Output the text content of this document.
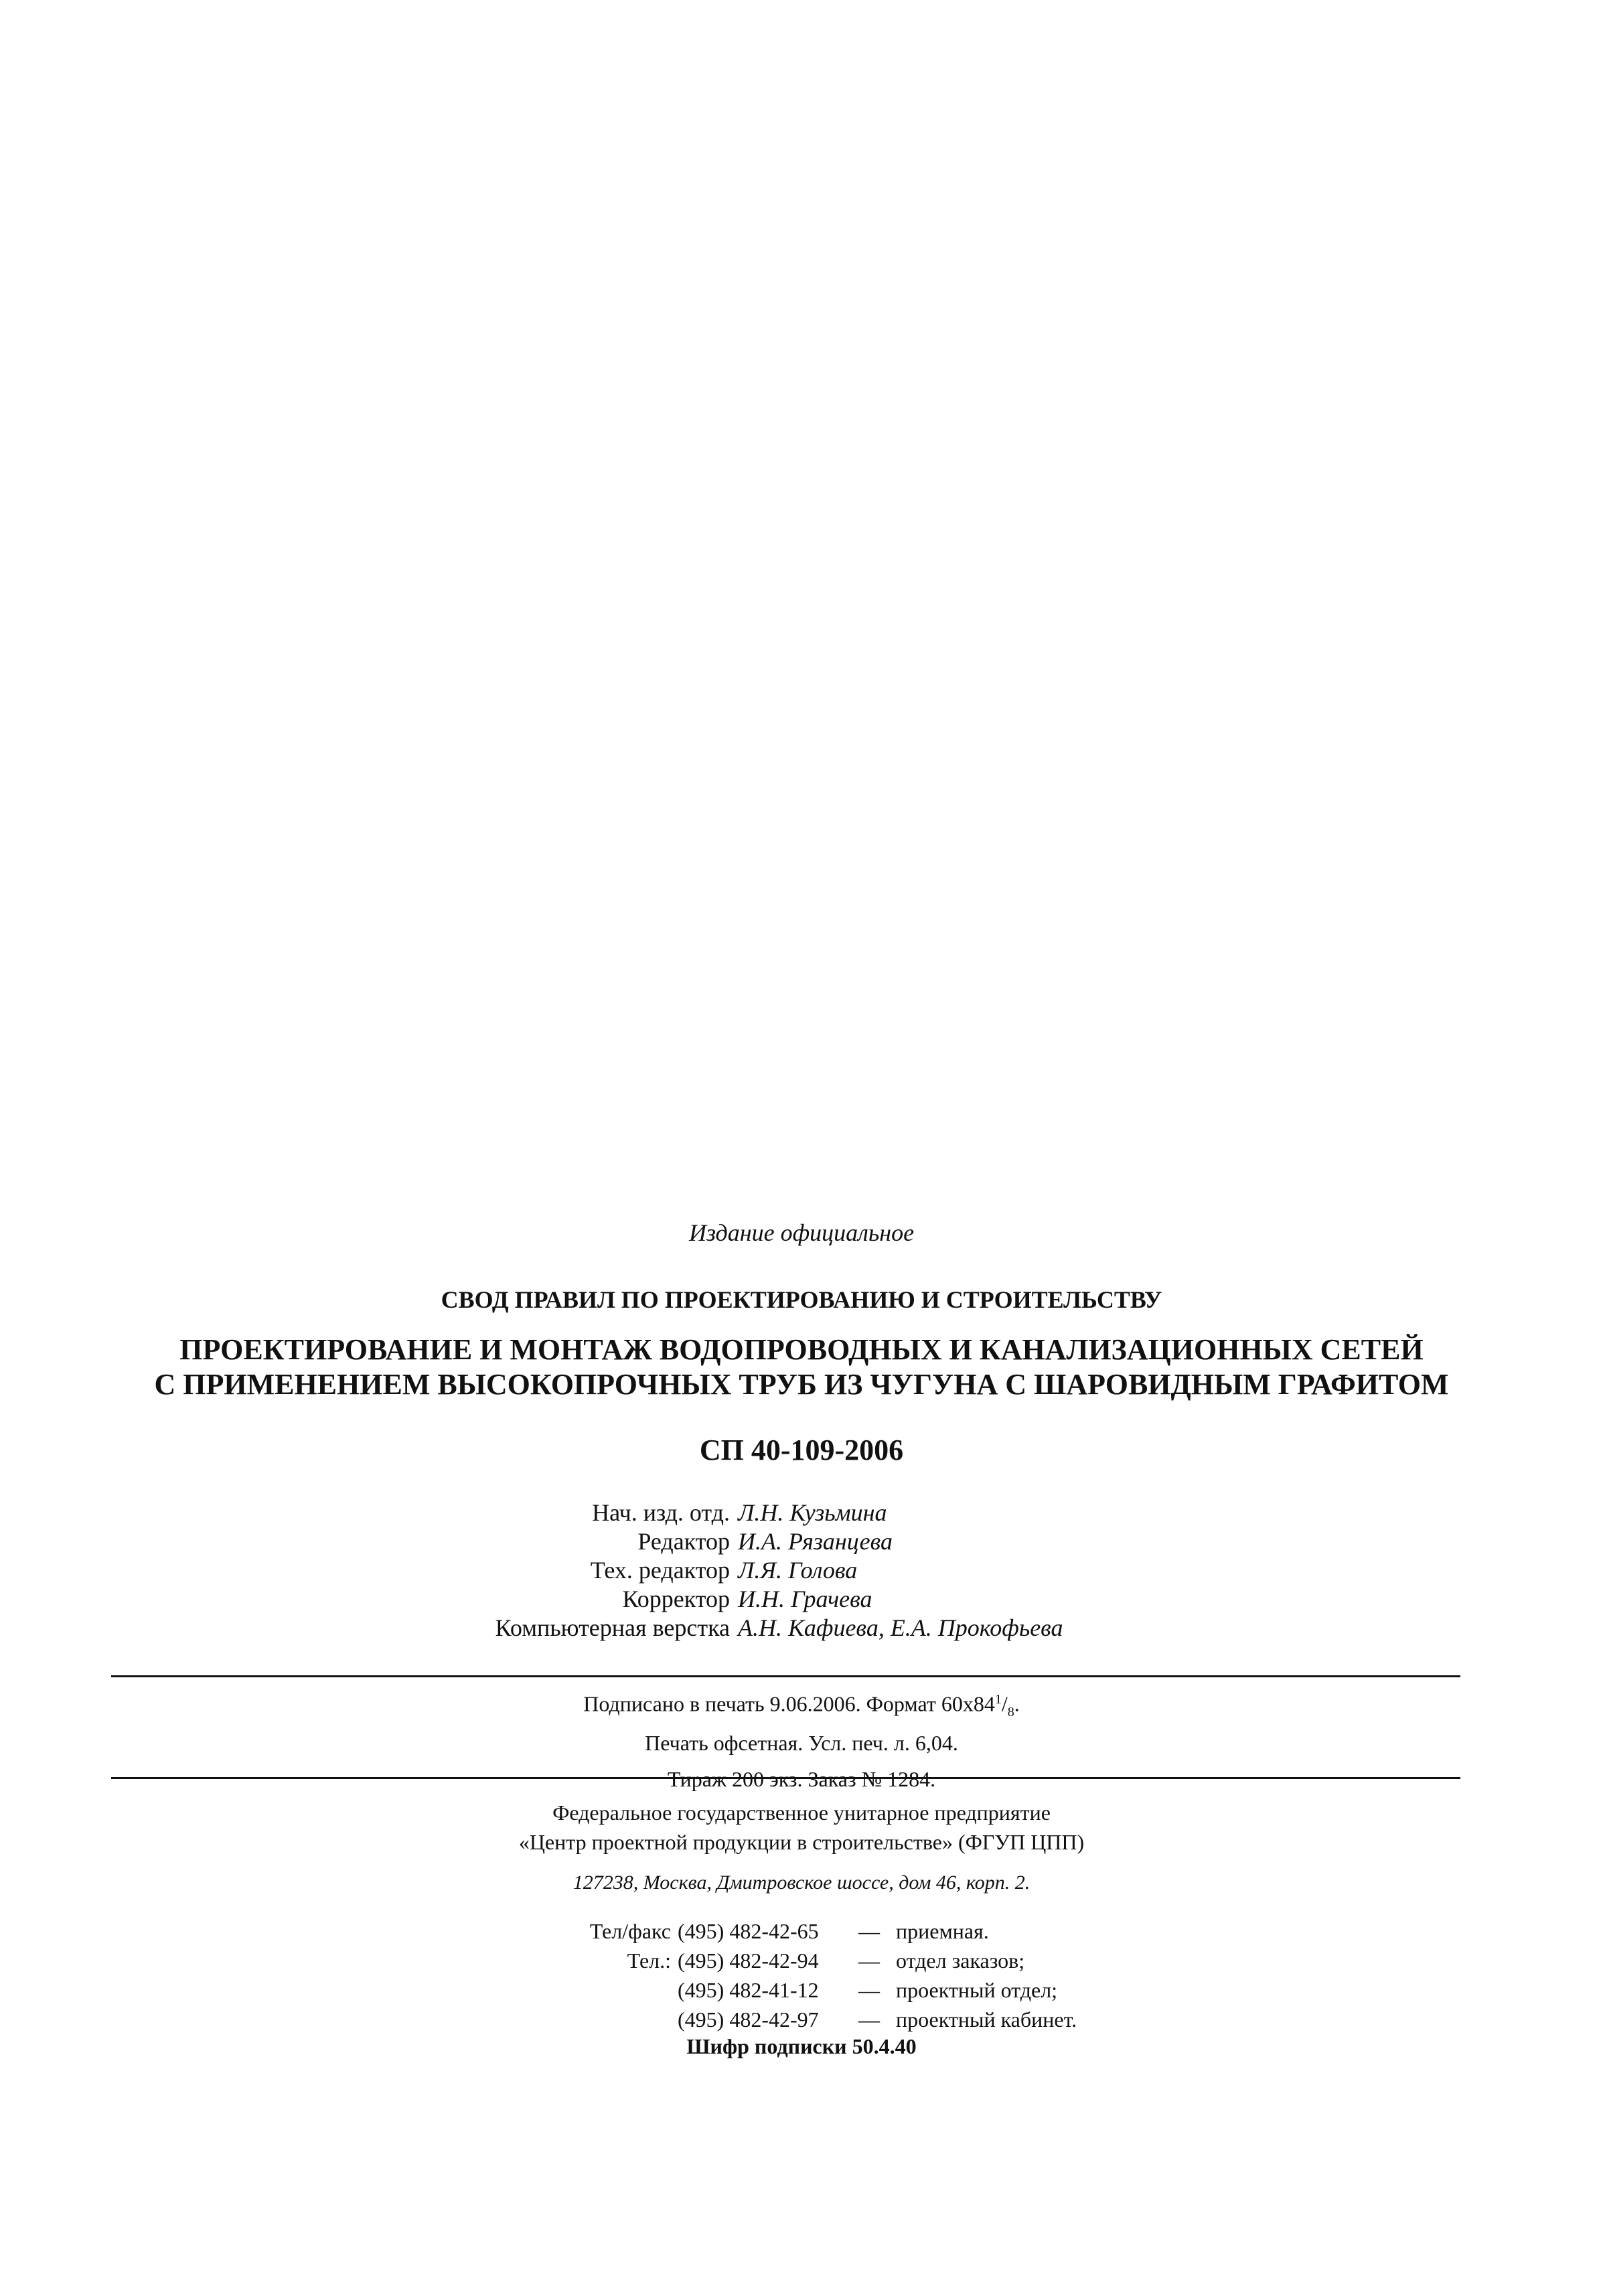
Издание официальное
СВОД ПРАВИЛ ПО ПРОЕКТИРОВАНИЮ И СТРОИТЕЛЬСТВУ
ПРОЕКТИРОВАНИЕ И МОНТАЖ ВОДОПРОВОДНЫХ И КАНАЛИЗАЦИОННЫХ СЕТЕЙ
С ПРИМЕНЕНИЕМ ВЫСОКОПРОЧНЫХ ТРУБ ИЗ ЧУГУНА С ШАРОВИДНЫМ ГРАФИТОМ
СП 40-109-2006
Нач. изд. отд. Л.Н. Кузьмина
Редактор И.А. Рязанцева
Тех. редактор Л.Я. Голова
Корректор И.Н. Грачева
Компьютерная верстка А.Н. Кафиева, Е.А. Прокофьева
Подписано в печать 9.06.2006. Формат $60х84^1/_8$.
Печать офсетная. Усл. печ. л. 6,04.
Тираж 200 экз. Заказ № 1284.
Федеральное государственное унитарное предприятие
«Центр проектной продукции в строительстве» (ФГУП ЦПП)
127238, Москва, Дмитровское шоссе, дом 46, корп. 2.
Тел/факс (495) 482-42-65	— приемная.
Тел.: (495) 482-42-94	— отдел заказов;
(495) 482-41-12	— проектный отдел;
(495) 482-42-97	— проектный кабинет.
Шифр подписки 50.4.40
